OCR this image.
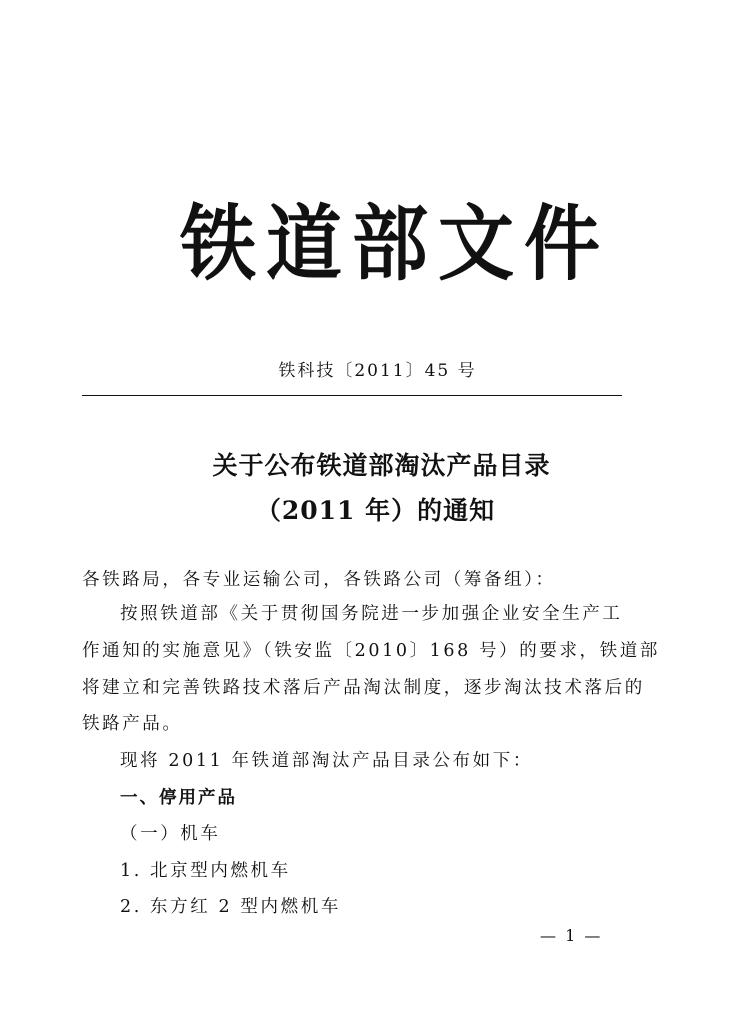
铁道部文件
铁科技〔2011〕45 号
关于公布铁道部淘汰产品目录
（2011 年）的通知
各铁路局，各专业运输公司，各铁路公司（筹备组）：
按照铁道部《关于贯彻国务院进一步加强企业安全生产工
作通知的实施意见》（铁安监〔2010〕168 号）的要求，铁道部
将建立和完善铁路技术落后产品淘汰制度，逐步淘汰技术落后的
铁路产品。
现将 2011 年铁道部淘汰产品目录公布如下：
一、停用产品
（一）机车
1. 北京型内燃机车
2. 东方红 2 型内燃机车
— 1 —
